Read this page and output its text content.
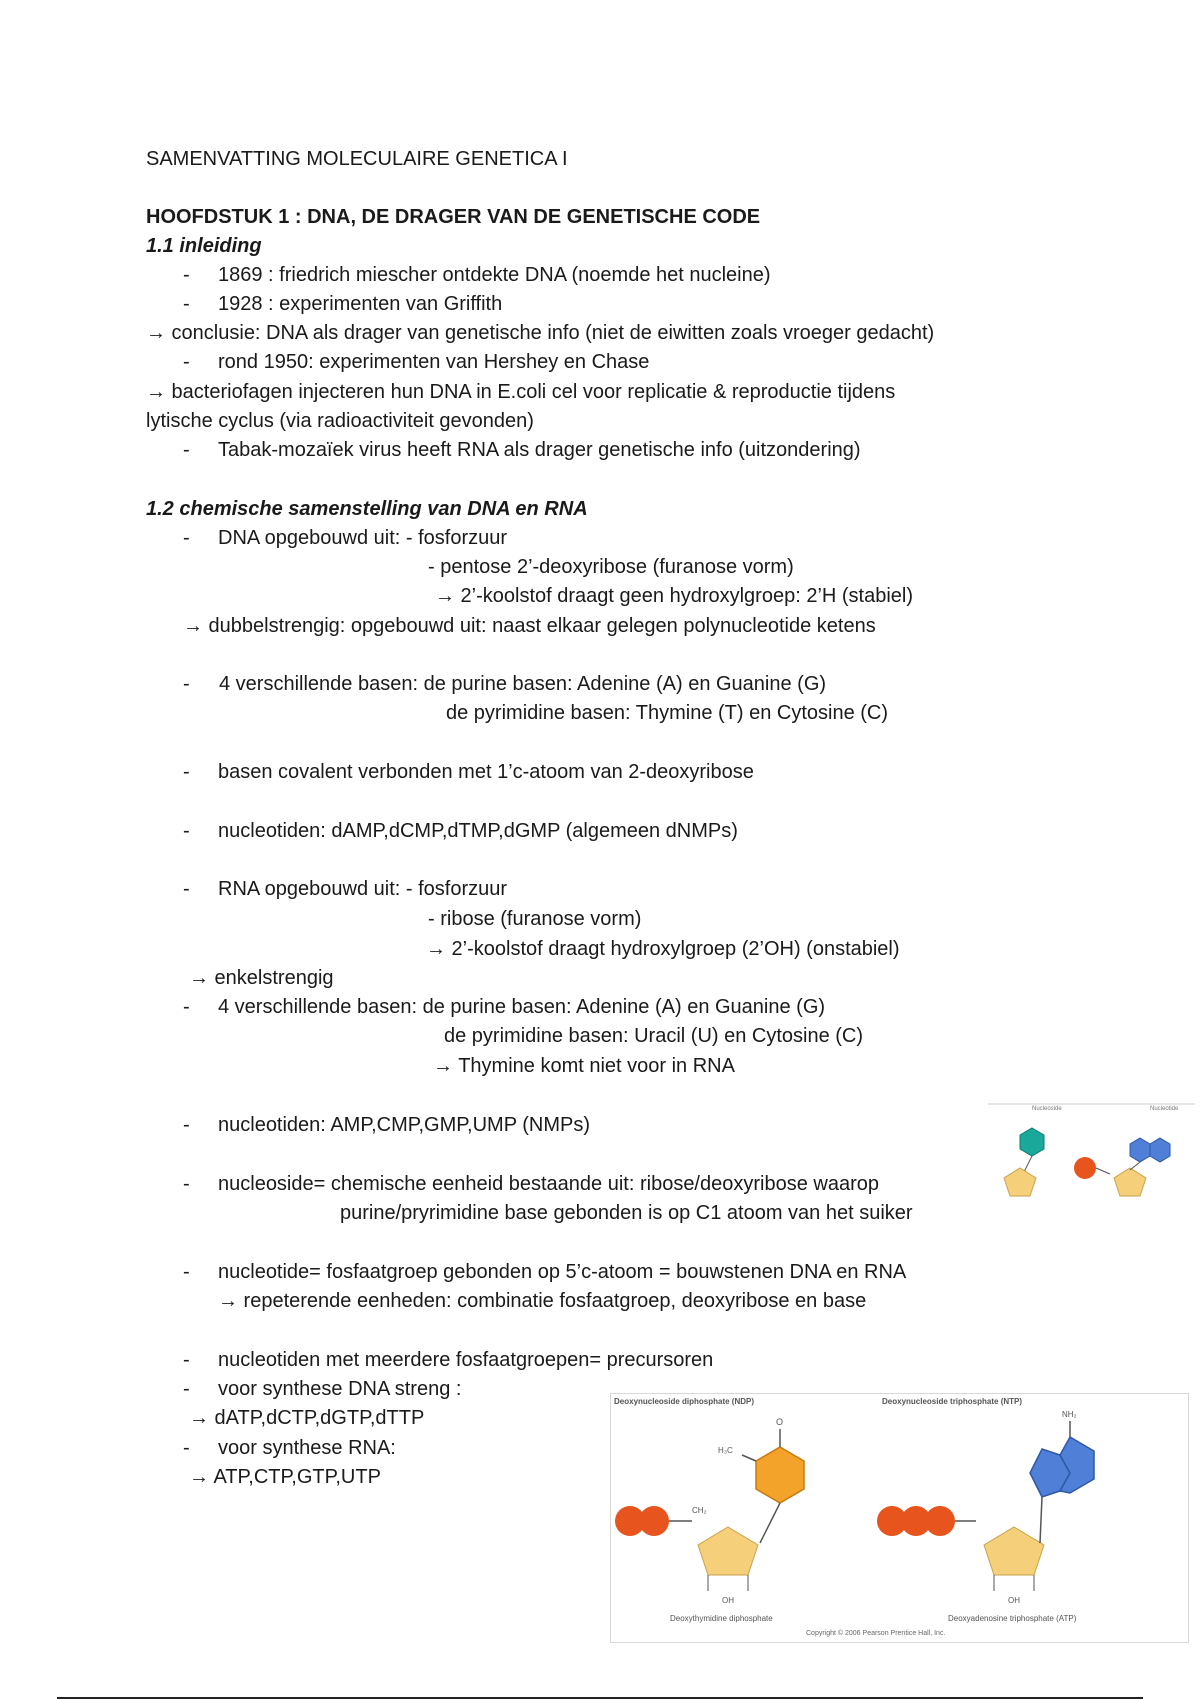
SAMENVATTING MOLECULAIRE GENETICA I
HOOFDSTUK 1 : DNA, DE DRAGER VAN DE GENETISCHE CODE
1.1 inleiding
- 1869 : friedrich miescher ontdekte DNA (noemde het nucleine)
- 1928 : experimenten van Griffith
→ conclusie: DNA als drager van genetische info (niet de eiwitten zoals vroeger gedacht)
- rond 1950: experimenten van Hershey en Chase
→ bacteriofagen injecteren hun DNA in E.coli cel voor replicatie & reproductie tijdens
lytische cyclus (via radioactiviteit gevonden)
- Tabak-mozaïek virus heeft RNA als drager genetische info (uitzondering)
1.2 chemische samenstelling van DNA en RNA
- DNA opgebouwd uit: - fosforzuur
- pentose 2’-deoxyribose (furanose vorm)
→ 2’-koolstof draagt geen hydroxylgroep: 2’H (stabiel)
→ dubbelstrengig: opgebouwd uit: naast elkaar gelegen polynucleotide ketens
- 4 verschillende basen: de purine basen: Adenine (A) en Guanine (G)
de pyrimidine basen: Thymine (T) en Cytosine (C)
- basen covalent verbonden met 1’c-atoom van 2-deoxyribose
- nucleotiden: dAMP,dCMP,dTMP,dGMP (algemeen dNMPs)
- RNA opgebouwd uit: - fosforzuur
- ribose (furanose vorm)
→ 2’-koolstof draagt hydroxylgroep (2’OH) (onstabiel)
→ enkelstrengig
- 4 verschillende basen: de purine basen: Adenine (A) en Guanine (G)
de pyrimidine basen: Uracil (U) en Cytosine (C)
→ Thymine komt niet voor in RNA
- nucleotiden: AMP,CMP,GMP,UMP (NMPs)
- nucleoside= chemische eenheid bestaande uit: ribose/deoxyribose waarop
purine/pryrimidine base gebonden is op C1 atoom van het suiker
- nucleotide= fosfaatgroep gebonden op 5’c-atoom = bouwstenen DNA en RNA
→ repeterende eenheden: combinatie fosfaatgroep, deoxyribose en base
- nucleotiden met meerdere fosfaatgroepen= precursoren
- voor synthese DNA streng :
→ dATP,dCTP,dGTP,dTTP
- voor synthese RNA:
→ ATP,CTP,GTP,UTP
Nucleoside	Nucleotide
Deoxynucleoside diphosphate (NDP)	Deoxynucleoside triphosphate (NTP)
CH₂
O
H₃C
OH
Deoxythymidine diphosphate
NH₂
OH
Deoxyadenosine triphosphate (ATP)
Copyright © 2006 Pearson Prentice Hall, Inc.
